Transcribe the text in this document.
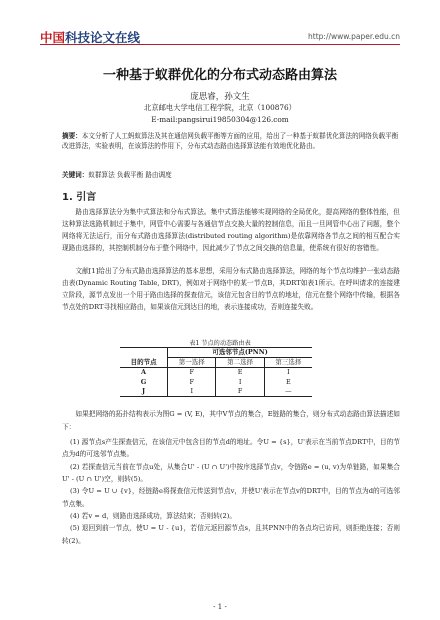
中国科技论文在线	http://www.paper.edu.cn
一种基于蚁群优化的分布式动态路由算法
庞思睿，孙文生
北京邮电大学电信工程学院，北京（100876）
E-mail:pangsirui19850304@126.com
摘要：本文分析了人工蚂蚁算法及其在通信网负载平衡等方面的应用，给出了一种基于蚁群优化算法的网络负载平衡改进算法，实验表明，在该算法的作用下，分布式动态路由选择算法能有效地优化路由。
关键词：蚁群算法 负载平衡 路由调度
1. 引言
路由选择算法分为集中式算法和分布式算法。集中式算法能够实现网络的全局优化，提高网络的整体性能，但这种算法选路机制过于集中，网管中心需要与各通信节点交换大量的控制信息，而且一旦网管中心出了问题，整个网络将无法运行，而分布式路由选择算法(distributed routing algorithm)是依靠网络各节点之间的相互配合实现路由选择的，其控制机制分布于整个网络中，因此减少了节点之间交换的信息量，使系统有很好的容错性。
文献[1]给出了分布式路由选择算法的基本思想，采用分布式路由选择算法，网络的每个节点均维护一张动态路由表(Dynamic Routing Table, DRT)，例如对于网络中的某一节点B，其DRT如表1所示。在呼叫请求的连接建立阶段，源节点发出一个用于路由选择的探查信元，该信元包含目的节点的地址，信元在整个网络中传输，根据各节点处的DRT寻找相应路由，如果该信元到达目的地，表示连接成功，否则连接失败。
表1 节点的动态路由表
	可选邻节点(PNN)		
目的节点	第一选择	第二选择	第三选择
A	F	E	I
G	F	I	E
J	I	F	—
如果把网络的拓扑结构表示为图G = (V, E)，其中V节点的集合，E链路的集合，则分布式动态路由算法描述如下：
(1) 源节点s产生探查信元，在该信元中包含目的节点d的地址。令U = {s}，U'表示在当前节点DRT中，目的节点为d的可选邻节点集。
(2) 若探查信元当前在节点u处，从集合U' - (U ∩ U')中按序选择节点v，令链路e = (u, v)为单链路，如果集合U' - (U ∩ U')空，则转(5)。
(3) 令U = U ∪ {v}，经链路e将探查信元传送到节点v，并使U'表示在节点v的DRT中，目的节点为d的可选邻节点集。
(4) 若v = d，则路由选择成功，算法结束；否则转(2)。
(5) 退回到前一节点，使U = U - {u}，若信元返回源节点s，且其PNN中的各点均已访问，则拒绝连接；否则转(2)。
- 1 -
